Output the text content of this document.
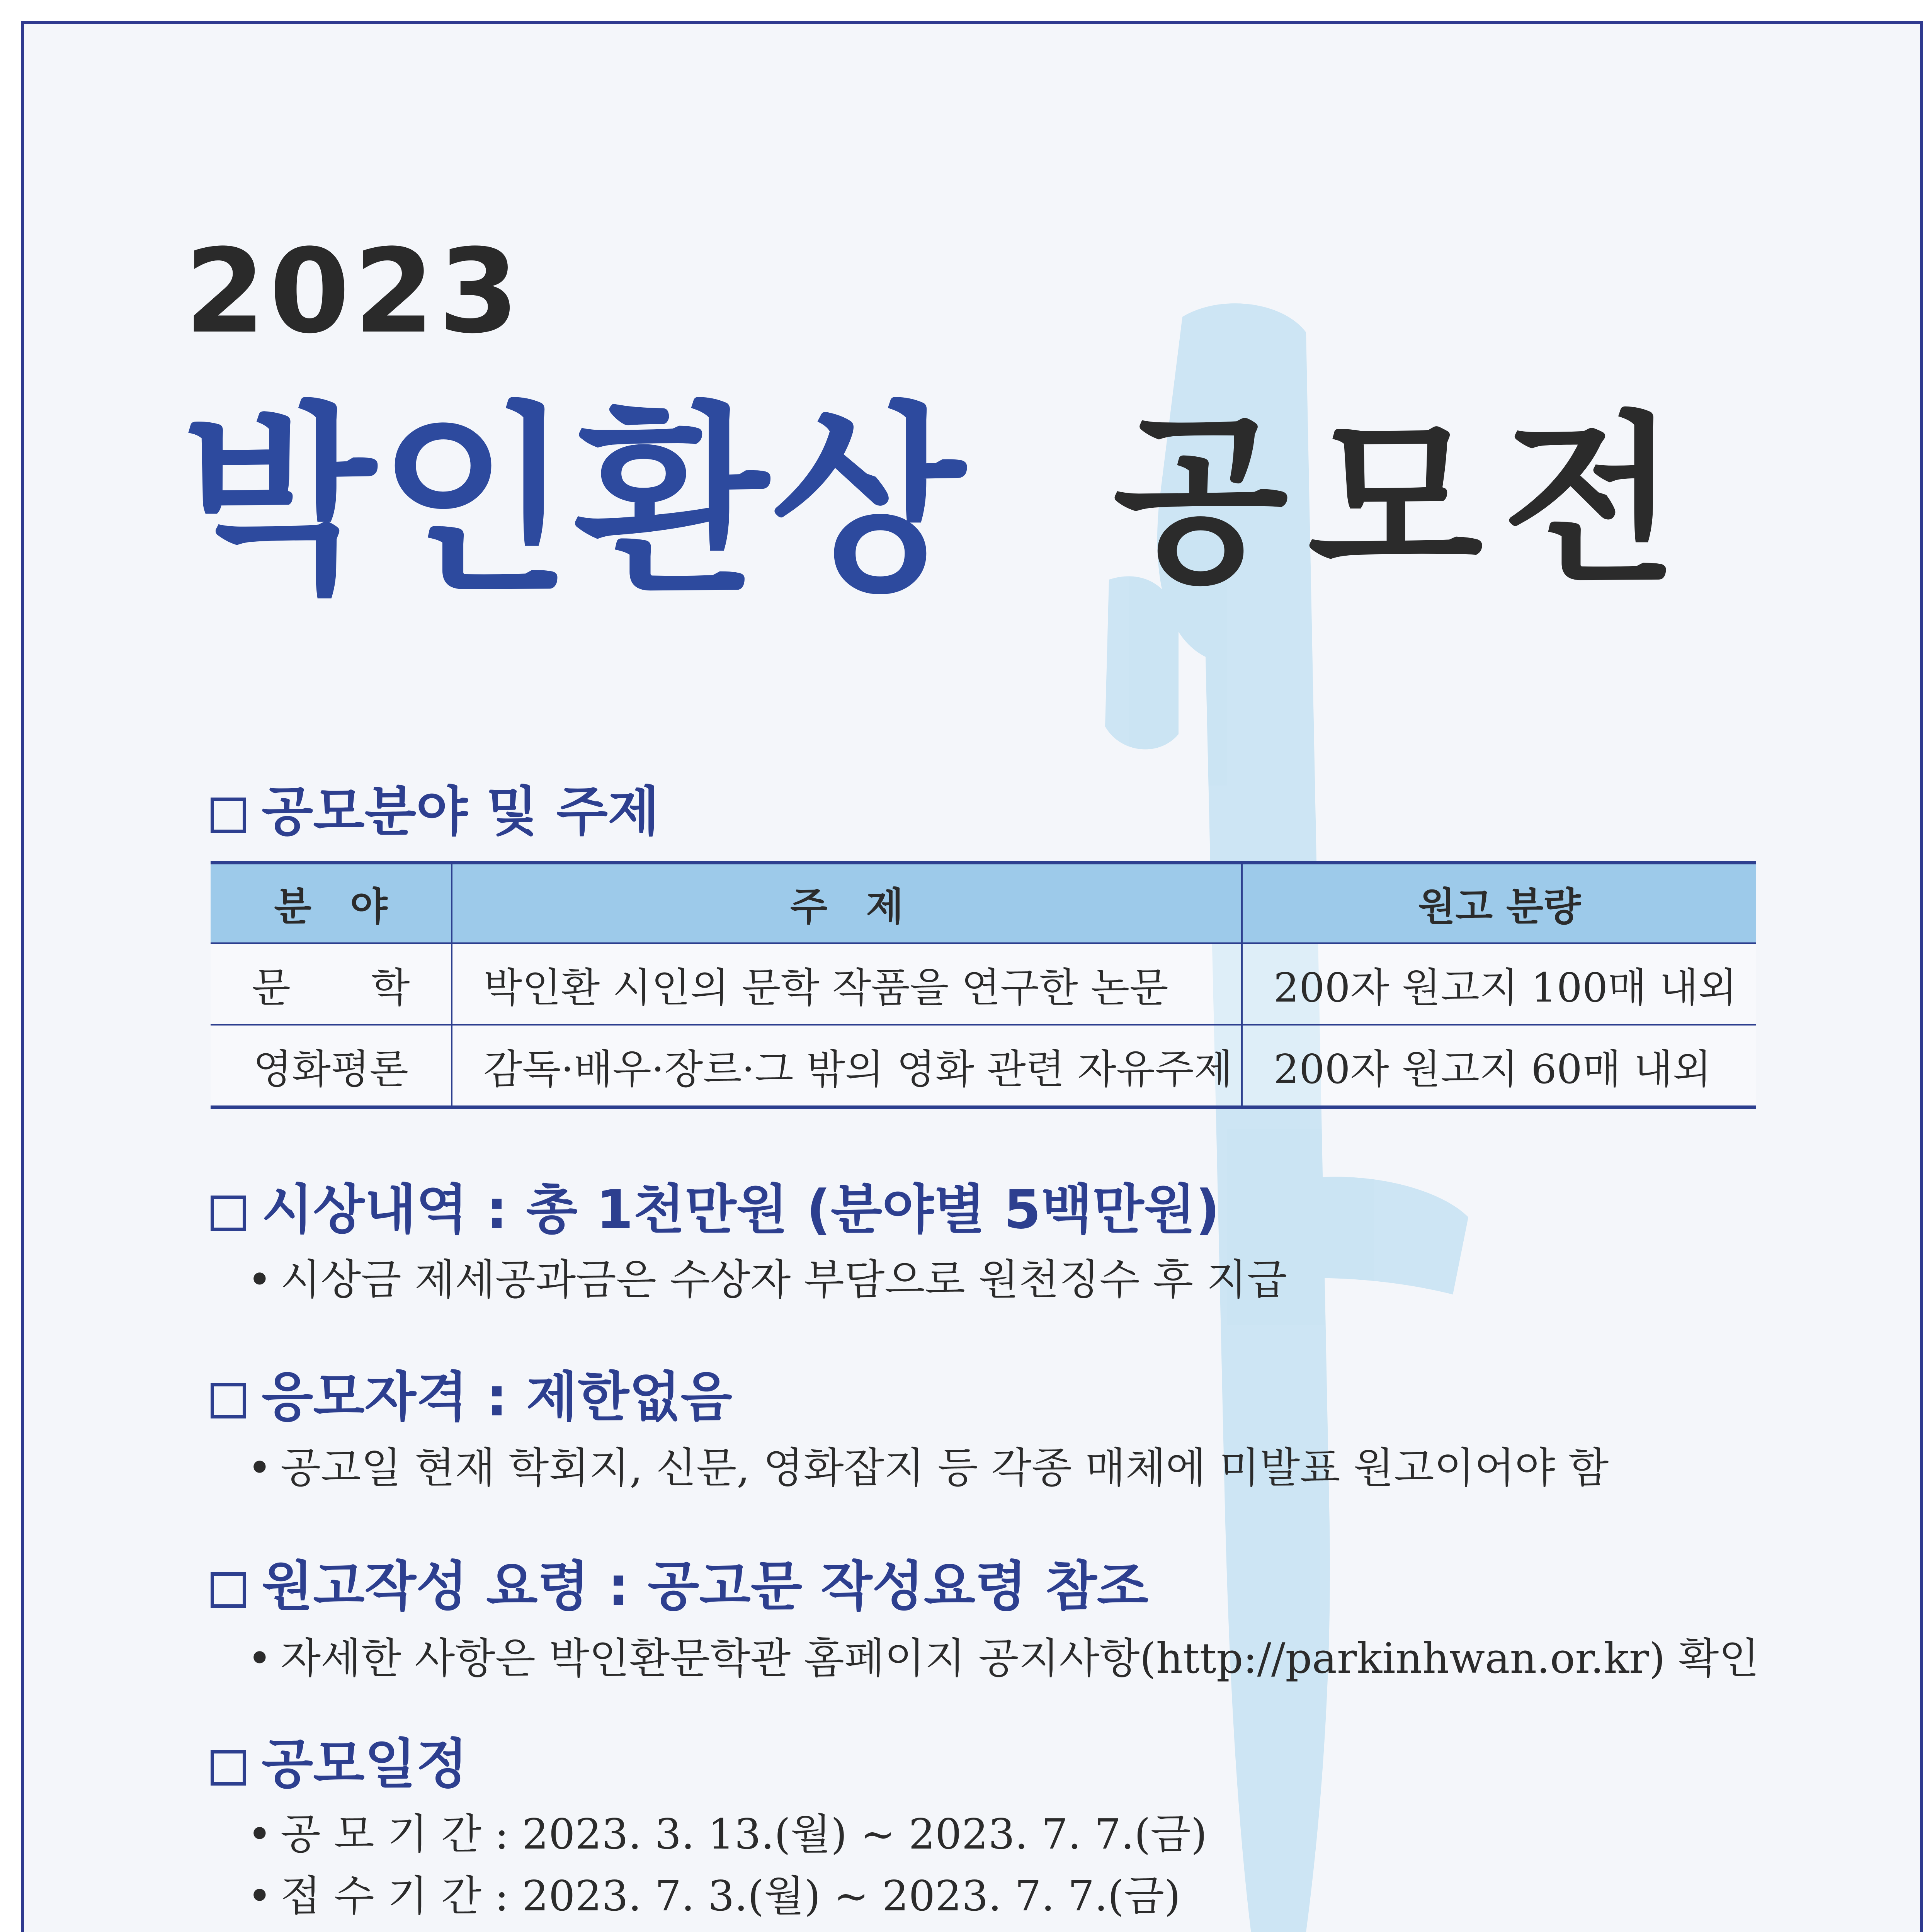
2023
박인환상 공모전
공모분야 및 주제
분　야	주　제	원고 분량
문　　학	박인환 시인의 문학 작품을 연구한 논문	200자 원고지 100매 내외
영화평론	감독·배우·장르·그 밖의 영화 관련 자유주제	200자 원고지 60매 내외
시상내역 : 총 1천만원 (분야별 5백만원)
• 시상금 제세공과금은 수상자 부담으로 원천징수 후 지급
응모자격 : 제한없음
• 공고일 현재 학회지, 신문, 영화잡지 등 각종 매체에 미발표 원고이어야 함
원고작성 요령 : 공고문 작성요령 참조
• 자세한 사항은 박인환문학관 홈페이지 공지사항(http://parkinhwan.or.kr) 확인
공모일정
• 공 모 기 간 : 2023. 3. 13.(월) ~ 2023. 7. 7.(금)
• 접 수 기 간 : 2023. 7. 3.(월) ~ 2023. 7. 7.(금)
